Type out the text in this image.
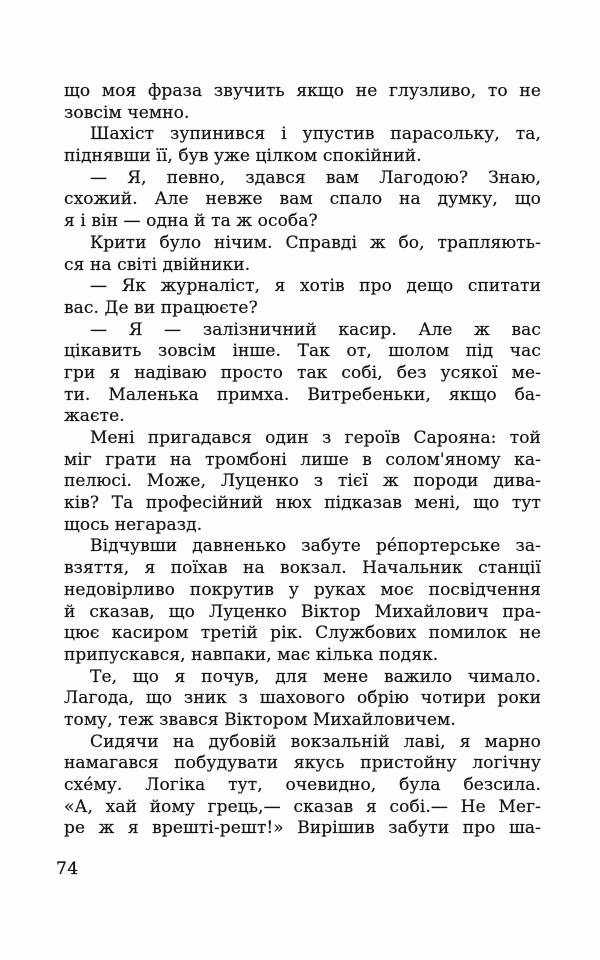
що моя фраза звучить якщо не глузливо, то не
зовсім чемно.
Шахіст зупинився і упустив парасольку, та,
піднявши її, був уже цілком спокійний.
— Я, певно, здався вам Лагодою? Знаю,
схожий. Але невже вам спало на думку, що
я і він — одна й та ж особа?
Крити було нічим. Справді ж бо, трапляють-
ся на світі двійники.
— Як журналіст, я хотів про дещо спитати
вас. Де ви працюєте?
— Я — залізничний касир. Але ж вас
цікавить зовсім інше. Так от, шолом під час
гри я надіваю просто так собі, без усякої ме-
ти. Маленька примха. Витребеньки, якщо ба-
жаєте.
Мені пригадався один з героїв Сарояна: той
міг грати на тромбоні лише в солом'яному ка-
пелюсі. Може, Луценко з тієї ж породи дива-
ків? Та професійний нюх підказав мені, що тут
щось негаразд.
Відчувши давненько забуте ре́портерське за-
взяття, я поїхав на вокзал. Начальник станції
недовірливо покрутив у руках моє посвідчення
й сказав, що Луценко Віктор Михайлович пра-
цює касиром третій рік. Службових помилок не
припускався, навпаки, має кілька подяк.
Те, що я почув, для мене важило чимало.
Лагода, що зник з шахового обрію чотири роки
тому, теж звався Віктором Михайловичем.
Сидячи на дубовій вокзальній лаві, я марно
намагався побудувати якусь пристойну логічну
схе́му. Логіка тут, очевидно, була безсила.
«А, хай йому грець,— сказав я собі.— Не Мег-
ре ж я врешті-решт!» Вирішив забути про ша-
74
